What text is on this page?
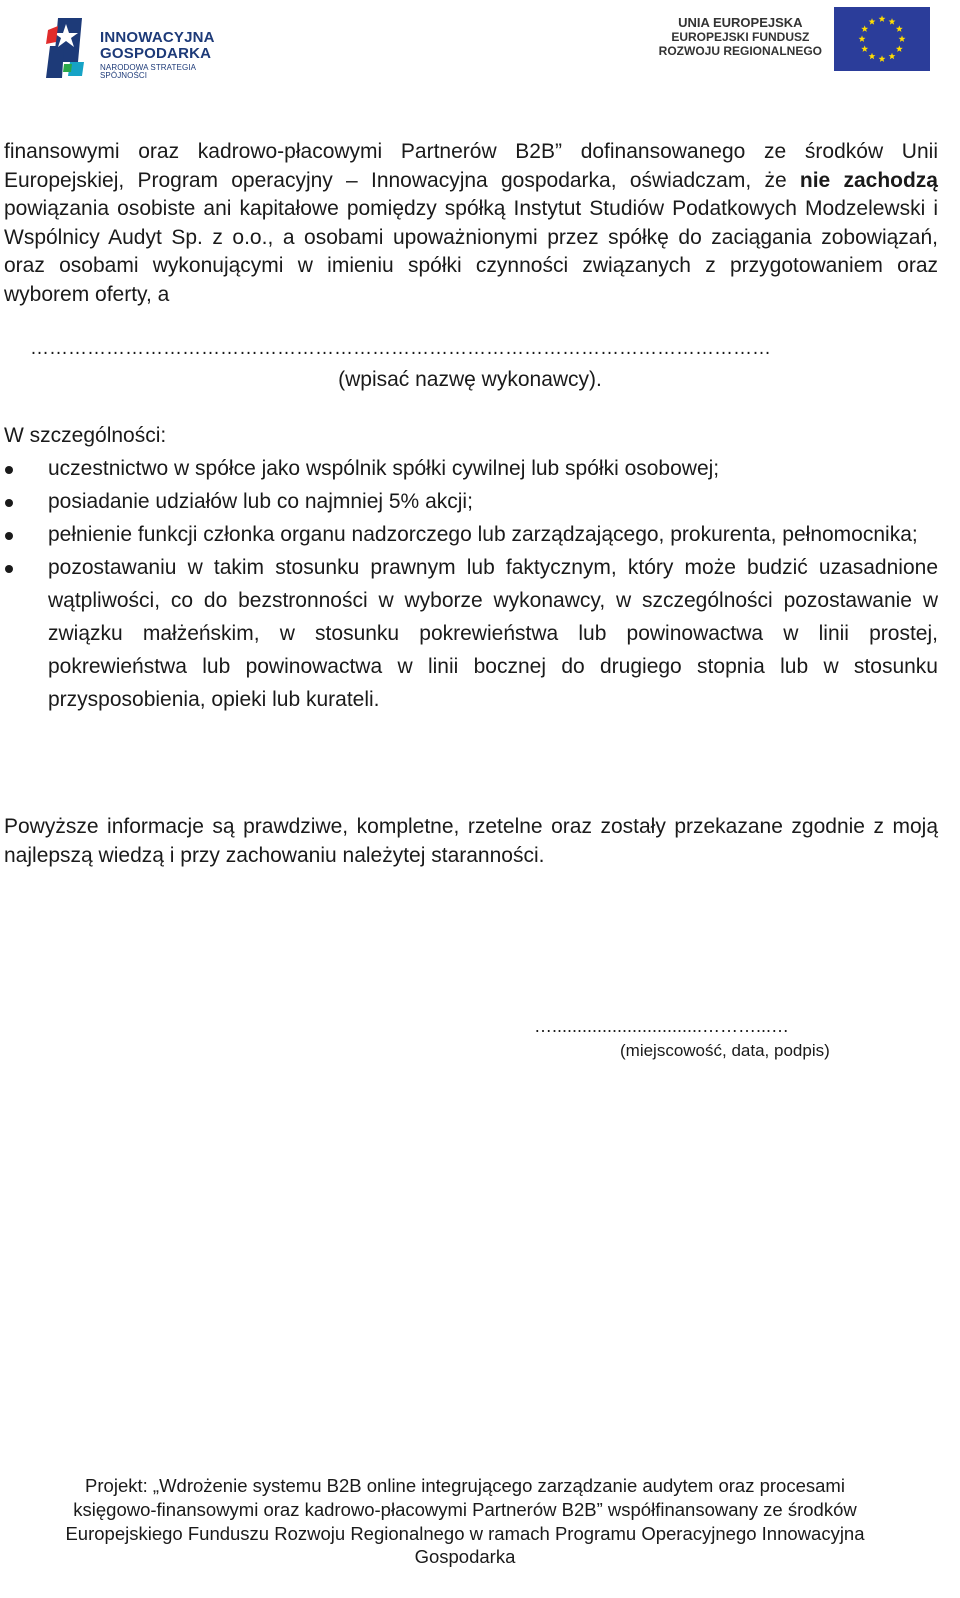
INNOWACYJNA
GOSPODARKA
NARODOWA STRATEGIA SPÓJNOŚCI
UNIA EUROPEJSKA
EUROPEJSKI FUNDUSZ
ROZWOJU REGIONALNEGO
finansowymi oraz kadrowo-płacowymi Partnerów B2B” dofinansowanego ze środków Unii Europejskiej, Program operacyjny – Innowacyjna gospodarka, oświadczam, że nie zachodzą powiązania osobiste ani kapitałowe pomiędzy spółką Instytut Studiów Podatkowych Modzelewski i Wspólnicy Audyt Sp. z o.o., a osobami upoważnionymi przez spółkę do zaciągania zobowiązań, oraz osobami wykonującymi w imieniu spółki czynności związanych z przygotowaniem oraz wyborem oferty, a
………………………………………………………………………………………………………
(wpisać nazwę wykonawcy).
W szczególności:
uczestnictwo w spółce jako wspólnik spółki cywilnej lub spółki osobowej;
posiadanie udziałów lub co najmniej 5% akcji;
pełnienie funkcji członka organu nadzorczego lub zarządzającego, prokurenta, pełnomocnika;
pozostawaniu w takim stosunku prawnym lub faktycznym, który może budzić uzasadnione wątpliwości, co do bezstronności w wyborze wykonawcy, w szczególności pozostawanie w związku małżeńskim, w stosunku pokrewieństwa lub powinowactwa w linii prostej, pokrewieństwa lub powinowactwa w linii bocznej do drugiego stopnia lub w stosunku przysposobienia, opieki lub kurateli.
Powyższe informacje są prawdziwe, kompletne, rzetelne oraz zostały przekazane zgodnie z moją najlepszą wiedzą i przy zachowaniu należytej staranności.
…..............................………...…
(miejscowość, data, podpis)
Projekt: „Wdrożenie systemu B2B online integrującego zarządzanie audytem oraz procesami
księgowo-finansowymi oraz kadrowo-płacowymi Partnerów B2B” współfinansowany ze środków
Europejskiego Funduszu Rozwoju Regionalnego w ramach Programu Operacyjnego Innowacyjna
Gospodarka
